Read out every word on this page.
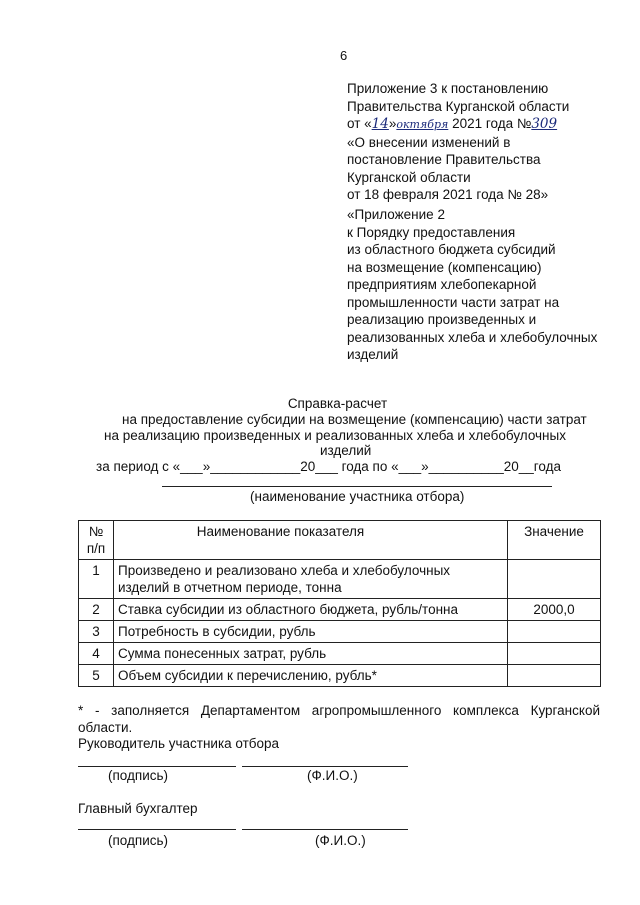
6
Приложение 3 к постановлению
Правительства Курганской области
от «14»октября 2021 года №309
«О внесении изменений в
постановление Правительства
Курганской области
от 18 февраля 2021 года № 28»
«Приложение 2
к Порядку предоставления
из областного бюджета субсидий
на возмещение (компенсацию)
предприятиям хлебопекарной
промышленности части затрат на
реализацию произведенных и
реализованных хлеба и хлебобулочных
изделий
Справка-расчет
на предоставление субсидии на возмещение (компенсацию) части затрат
на реализацию произведенных и реализованных хлеба и хлебобулочных
изделий
за период с «___»____________20___ года по «___»__________20__года
(наименование участника отбора)
№ п/п	Наименование показателя	Значение
1	Произведено и реализовано хлеба и хлебобулочных изделий в отчетном периоде, тонна	
2	Ставка субсидии из областного бюджета, рубль/тонна	2000,0
3	Потребность в субсидии, рубль	
4	Сумма понесенных затрат, рубль	
5	Объем субсидии к перечислению, рубль*	
* - заполняется Департаментом агропромышленного комплекса Курганской
области.
Руководитель участника отбора
(подпись)	(Ф.И.О.)
Главный бухгалтер
(подпись)	(Ф.И.О.)
